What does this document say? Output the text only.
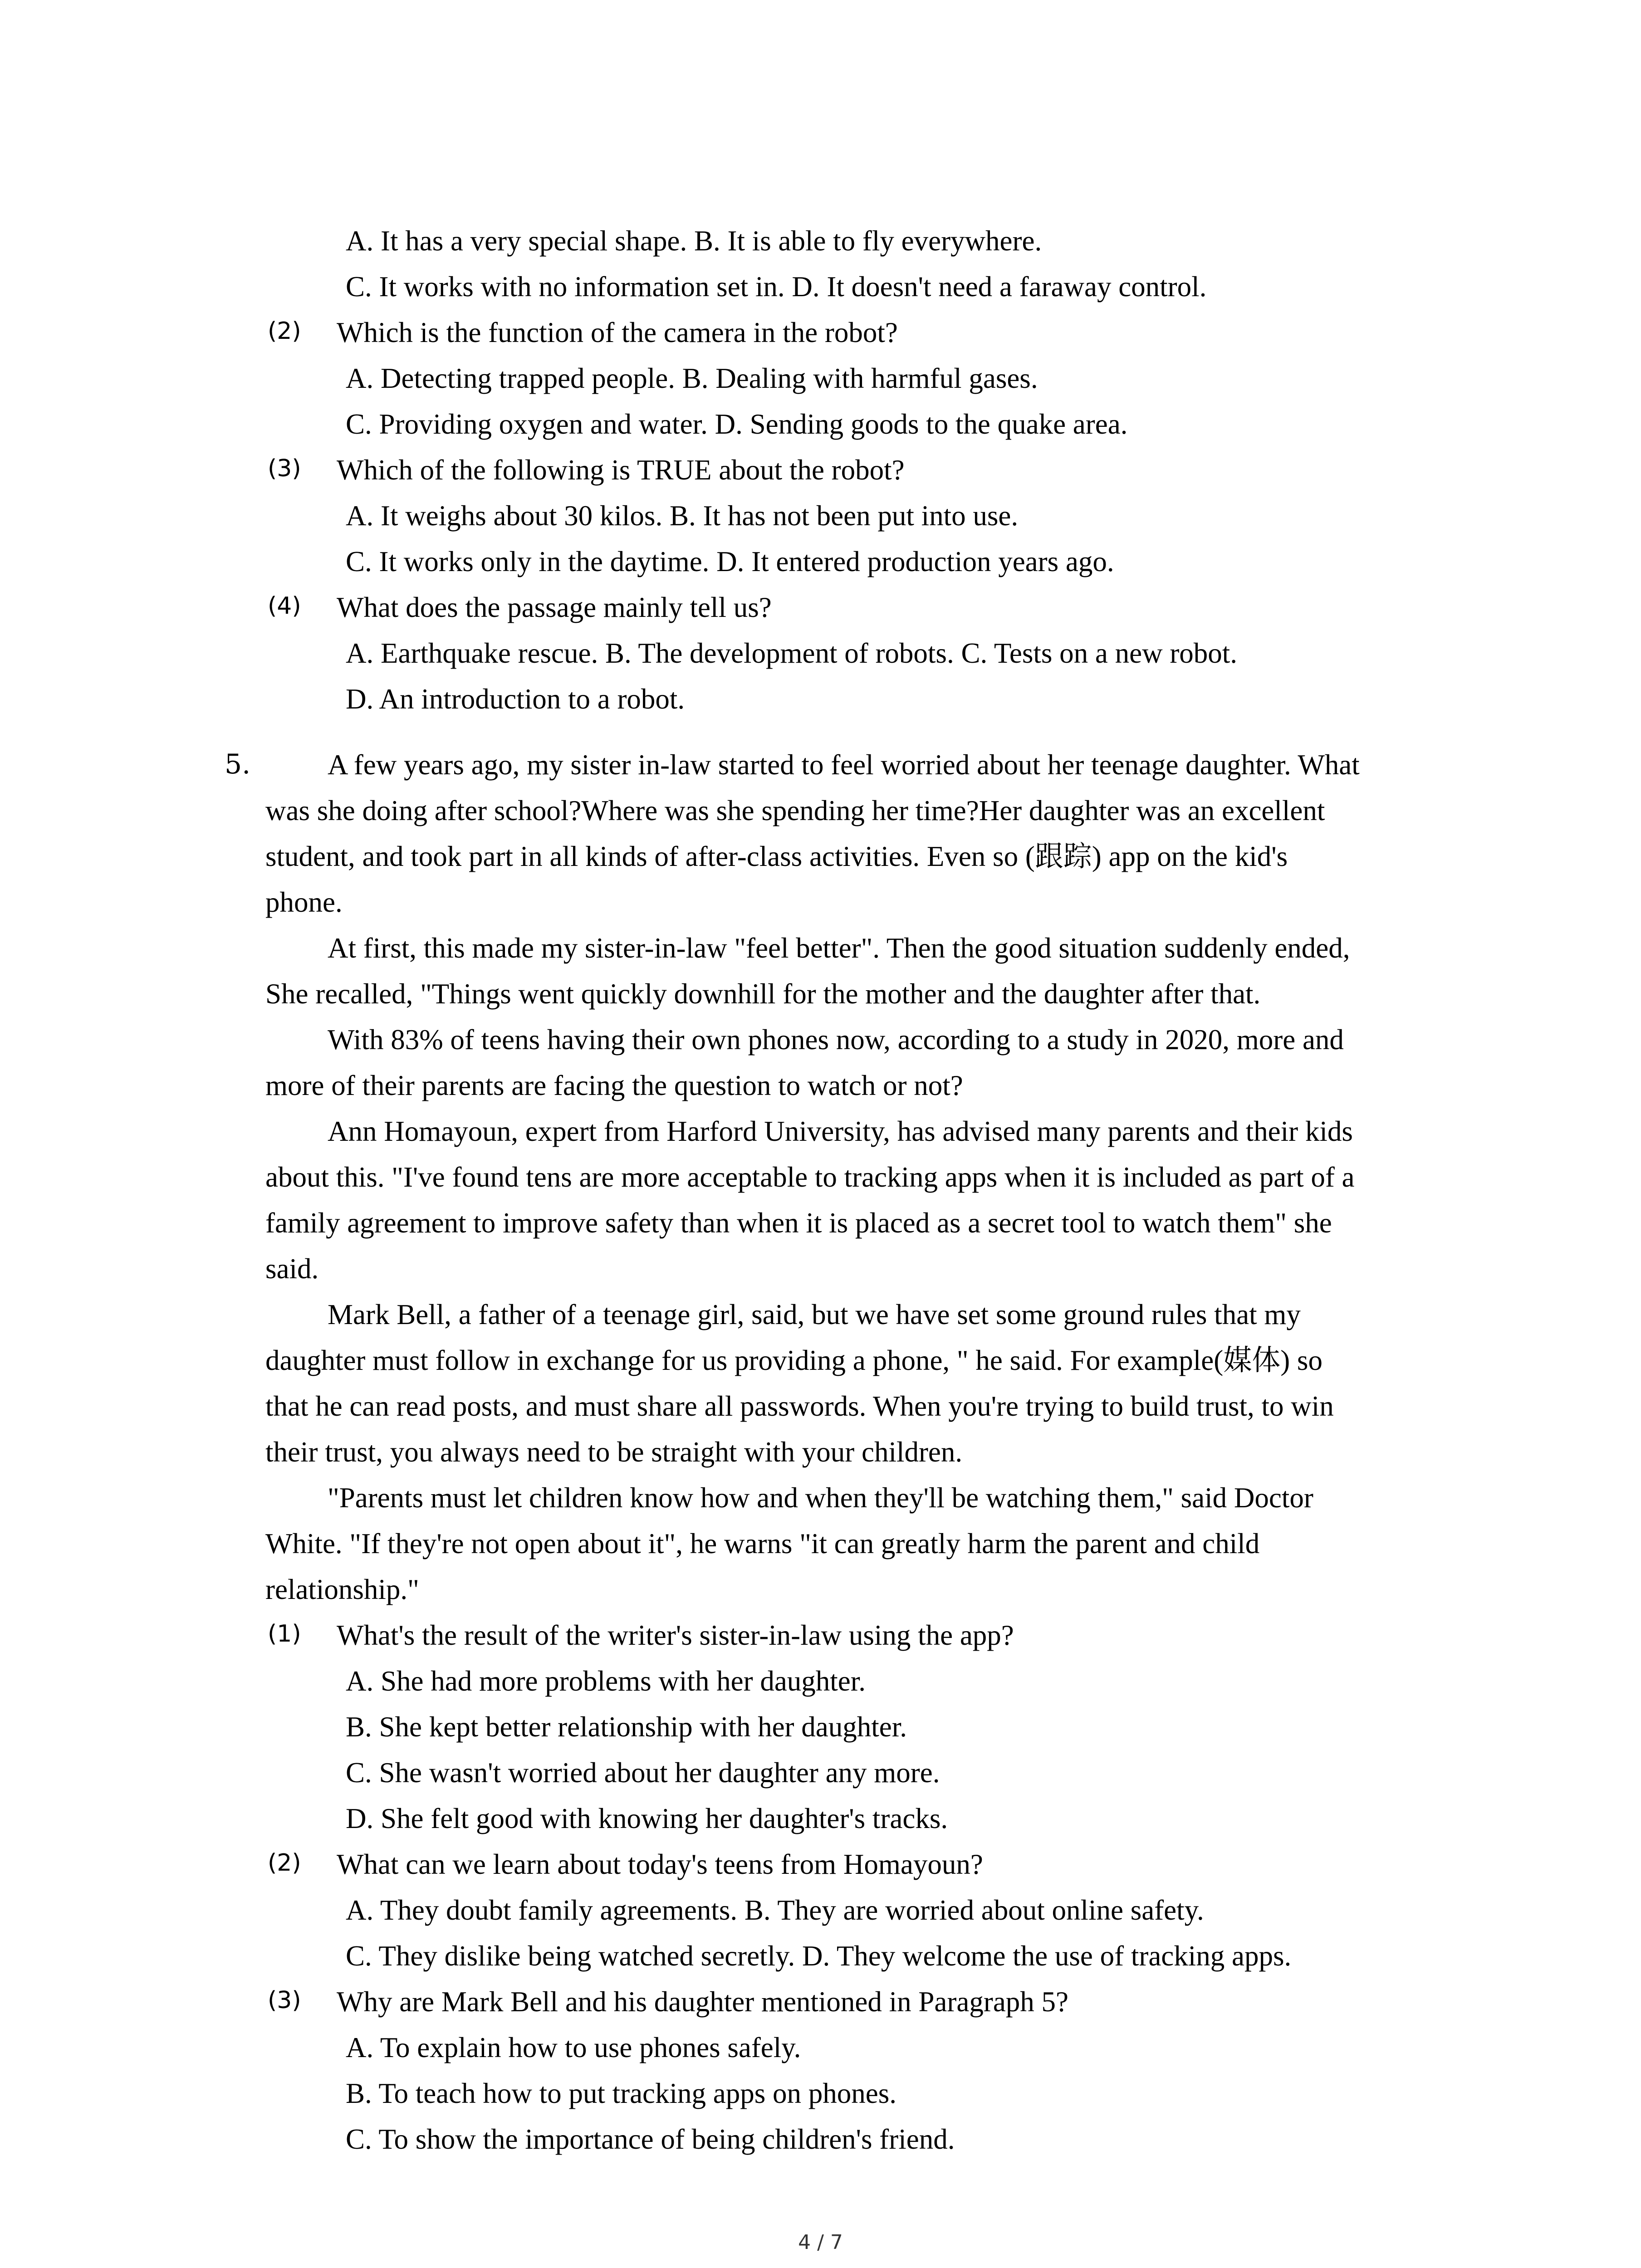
A. It has a very special shape. B. It is able to fly everywhere.
C. It works with no information set in. D. It doesn't need a faraway control.
(2) Which is the function of the camera in the robot?
A. Detecting trapped people. B. Dealing with harmful gases.
C. Providing oxygen and water. D. Sending goods to the quake area.
(3) Which of the following is TRUE about the robot?
A. It weighs about 30 kilos. B. It has not been put into use.
C. It works only in the daytime. D. It entered production years ago.
(4) What does the passage mainly tell us?
A. Earthquake rescue. B. The development of robots. C. Tests on a new robot.
D. An introduction to a robot.
5.	A few years ago, my sister in-law started to feel worried about her teenage daughter. What
was she doing after school?Where was she spending her time?Her daughter was an excellent
student, and took part in all kinds of after-class activities. Even so (跟踪) app on the kid's
phone.
At first, this made my sister-in-law "feel better". Then the good situation suddenly ended,
She recalled, "Things went quickly downhill for the mother and the daughter after that.
With 83% of teens having their own phones now, according to a study in 2020, more and
more of their parents are facing the question to watch or not?
Ann Homayoun, expert from Harford University, has advised many parents and their kids
about this. "I've found tens are more acceptable to tracking apps when it is included as part of a
family agreement to improve safety than when it is placed as a secret tool to watch them" she
said.
Mark Bell, a father of a teenage girl, said, but we have set some ground rules that my
daughter must follow in exchange for us providing a phone, " he said. For example(媒体) so
that he can read posts, and must share all passwords. When you're trying to build trust, to win
their trust, you always need to be straight with your children.
"Parents must let children know how and when they'll be watching them," said Doctor
White. "If they're not open about it", he warns "it can greatly harm the parent and child
relationship."
(1) What's the result of the writer's sister-in-law using the app?
A. She had more problems with her daughter.
B. She kept better relationship with her daughter.
C. She wasn't worried about her daughter any more.
D. She felt good with knowing her daughter's tracks.
(2) What can we learn about today's teens from Homayoun?
A. They doubt family agreements. B. They are worried about online safety.
C. They dislike being watched secretly. D. They welcome the use of tracking apps.
(3) Why are Mark Bell and his daughter mentioned in Paragraph 5?
A. To explain how to use phones safely.
B. To teach how to put tracking apps on phones.
C. To show the importance of being children's friend.
4 / 7
